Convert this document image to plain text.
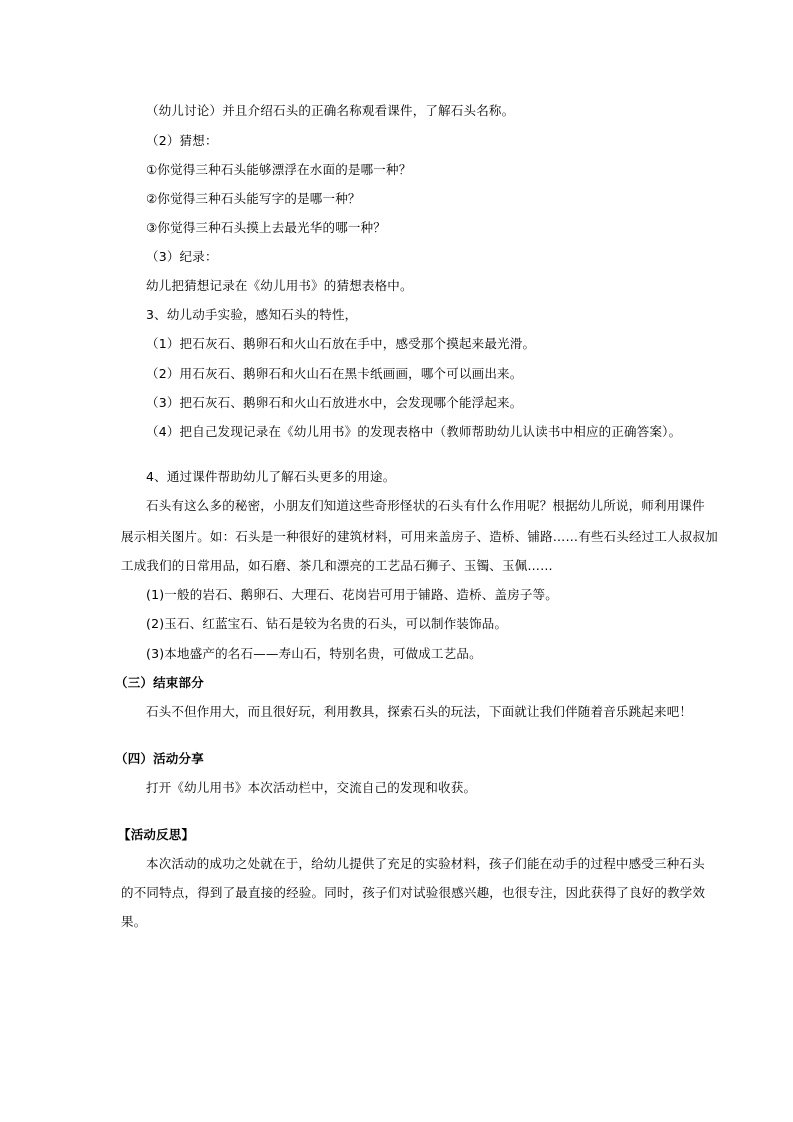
（幼儿讨论）并且介绍石头的正确名称观看课件，了解石头名称。
（2）猜想：
①你觉得三种石头能够漂浮在水面的是哪一种？
②你觉得三种石头能写字的是哪一种？
③你觉得三种石头摸上去最光华的哪一种？
（3）纪录：
幼儿把猜想记录在《幼儿用书》的猜想表格中。
3、幼儿动手实验，感知石头的特性，
（1）把石灰石、鹅卵石和火山石放在手中，感受那个摸起来最光滑。
（2）用石灰石、鹅卵石和火山石在黑卡纸画画，哪个可以画出来。
（3）把石灰石、鹅卵石和火山石放进水中，会发现哪个能浮起来。
（4）把自己发现记录在《幼儿用书》的发现表格中（教师帮助幼儿认读书中相应的正确答案）。
4、通过课件帮助幼儿了解石头更多的用途。
石头有这么多的秘密，小朋友们知道这些奇形怪状的石头有什么作用呢？根据幼儿所说，师利用课件
展示相关图片。如：石头是一种很好的建筑材料，可用来盖房子、造桥、铺路……有些石头经过工人叔叔加
工成我们的日常用品，如石磨、茶几和漂亮的工艺品石狮子、玉镯、玉佩……
(1)一般的岩石、鹅卵石、大理石、花岗岩可用于铺路、造桥、盖房子等。
(2)玉石、红蓝宝石、钻石是较为名贵的石头，可以制作装饰品。
(3)本地盛产的名石——寿山石，特别名贵，可做成工艺品。
（三）结束部分
石头不但作用大，而且很好玩，利用教具，探索石头的玩法，下面就让我们伴随着音乐跳起来吧！
（四）活动分享
打开《幼儿用书》本次活动栏中，交流自己的发现和收获。
【活动反思】
本次活动的成功之处就在于，给幼儿提供了充足的实验材料，孩子们能在动手的过程中感受三种石头
的不同特点，得到了最直接的经验。同时，孩子们对试验很感兴趣，也很专注，因此获得了良好的教学效
果。
